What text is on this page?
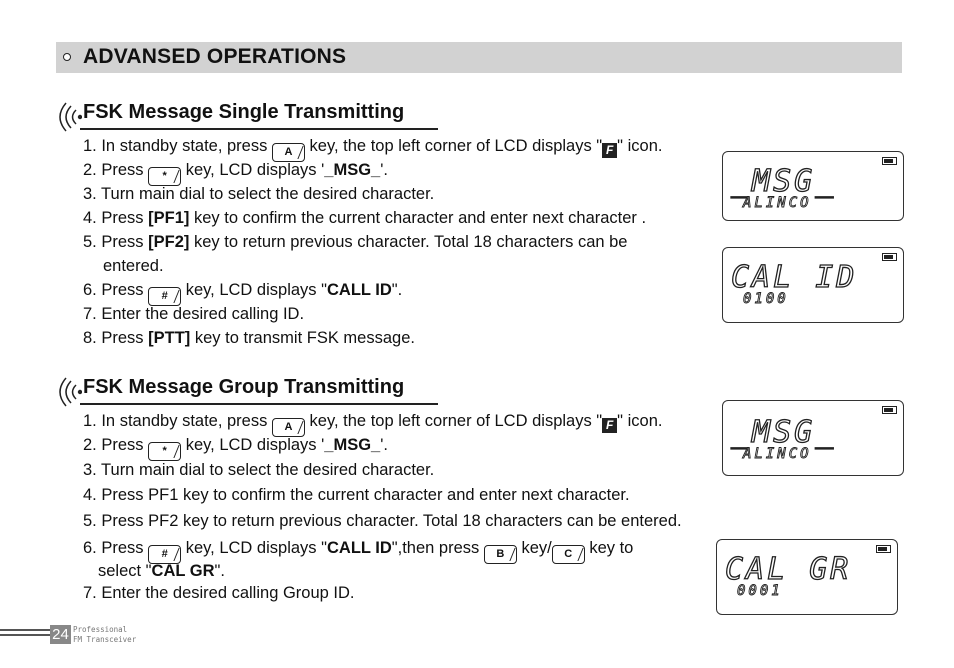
ADVANSED OPERATIONS
FSK Message Single Transmitting
1. In standby state, press A key, the top left corner of LCD displays " F " icon.
2. Press * key, LCD displays '_MSG_'.
3. Turn main dial to select the desired character.
4. Press [PF1] key to confirm the current character and enter next character .
5. Press [PF2] key to return previous character. Total 18 characters can be
entered.
6. Press # key, LCD displays "CALL ID".
7. Enter the desired calling ID.
8. Press [PTT] key to transmit FSK message.
FSK Message Group Transmitting
1. In standby state, press A key, the top left corner of LCD displays " F " icon.
2. Press * key, LCD displays '_MSG_'.
3. Turn main dial to select the desired character.
4. Press PF1 key to confirm the current character and enter next character.
5. Press PF2 key to return previous character. Total 18 characters can be entered.
6. Press # key, LCD displays "CALL ID",then press B key/ C key to
select "CAL GR".
7. Enter the desired calling Group ID.
_MSG_
ALINCO
CAL ID
0100
_MSG_
ALINCO
CAL GR
0001
24 Professional
FM Transceiver
